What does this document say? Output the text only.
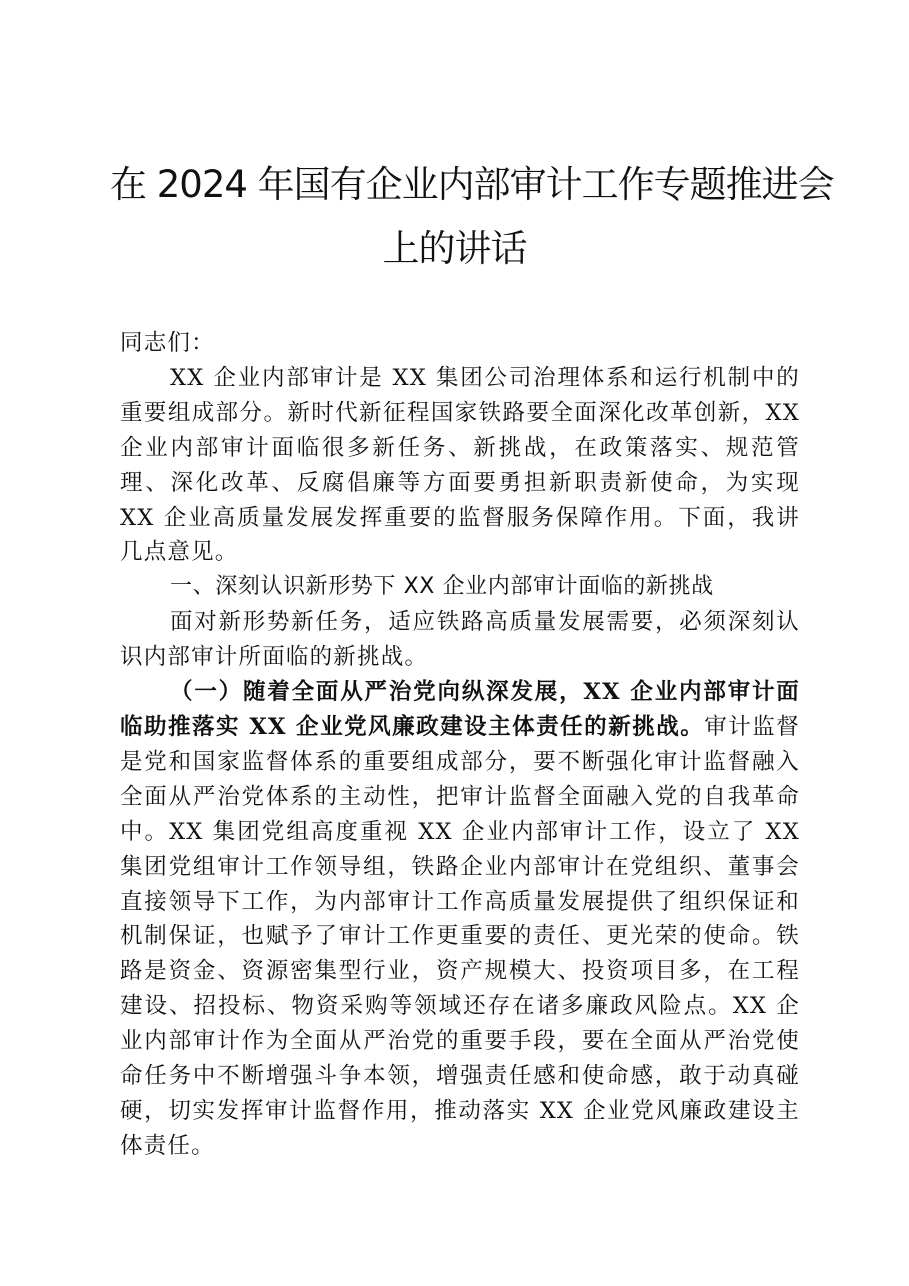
在 2024 年国有企业内部审计工作专题推进会
上的讲话

同志们：

XX 企业内部审计是 XX 集团公司治理体系和运行机制中的重要组成部分。新时代新征程国家铁路要全面深化改革创新，XX 企业内部审计面临很多新任务、新挑战，在政策落实、规范管理、深化改革、反腐倡廉等方面要勇担新职责新使命，为实现 XX 企业高质量发展发挥重要的监督服务保障作用。下面，我讲几点意见。

一、深刻认识新形势下 XX 企业内部审计面临的新挑战

面对新形势新任务，适应铁路高质量发展需要，必须深刻认识内部审计所面临的新挑战。

（一）随着全面从严治党向纵深发展，XX 企业内部审计面临助推落实 XX 企业党风廉政建设主体责任的新挑战。审计监督是党和国家监督体系的重要组成部分，要不断强化审计监督融入全面从严治党体系的主动性，把审计监督全面融入党的自我革命中。XX 集团党组高度重视 XX 企业内部审计工作，设立了 XX 集团党组审计工作领导组，铁路企业内部审计在党组织、董事会直接领导下工作，为内部审计工作高质量发展提供了组织保证和机制保证，也赋予了审计工作更重要的责任、更光荣的使命。铁路是资金、资源密集型行业，资产规模大、投资项目多，在工程建设、招投标、物资采购等领域还存在诸多廉政风险点。XX 企业内部审计作为全面从严治党的重要手段，要在全面从严治党使命任务中不断增强斗争本领，增强责任感和使命感，敢于动真碰硬，切实发挥审计监督作用，推动落实 XX 企业党风廉政建设主体责任。
